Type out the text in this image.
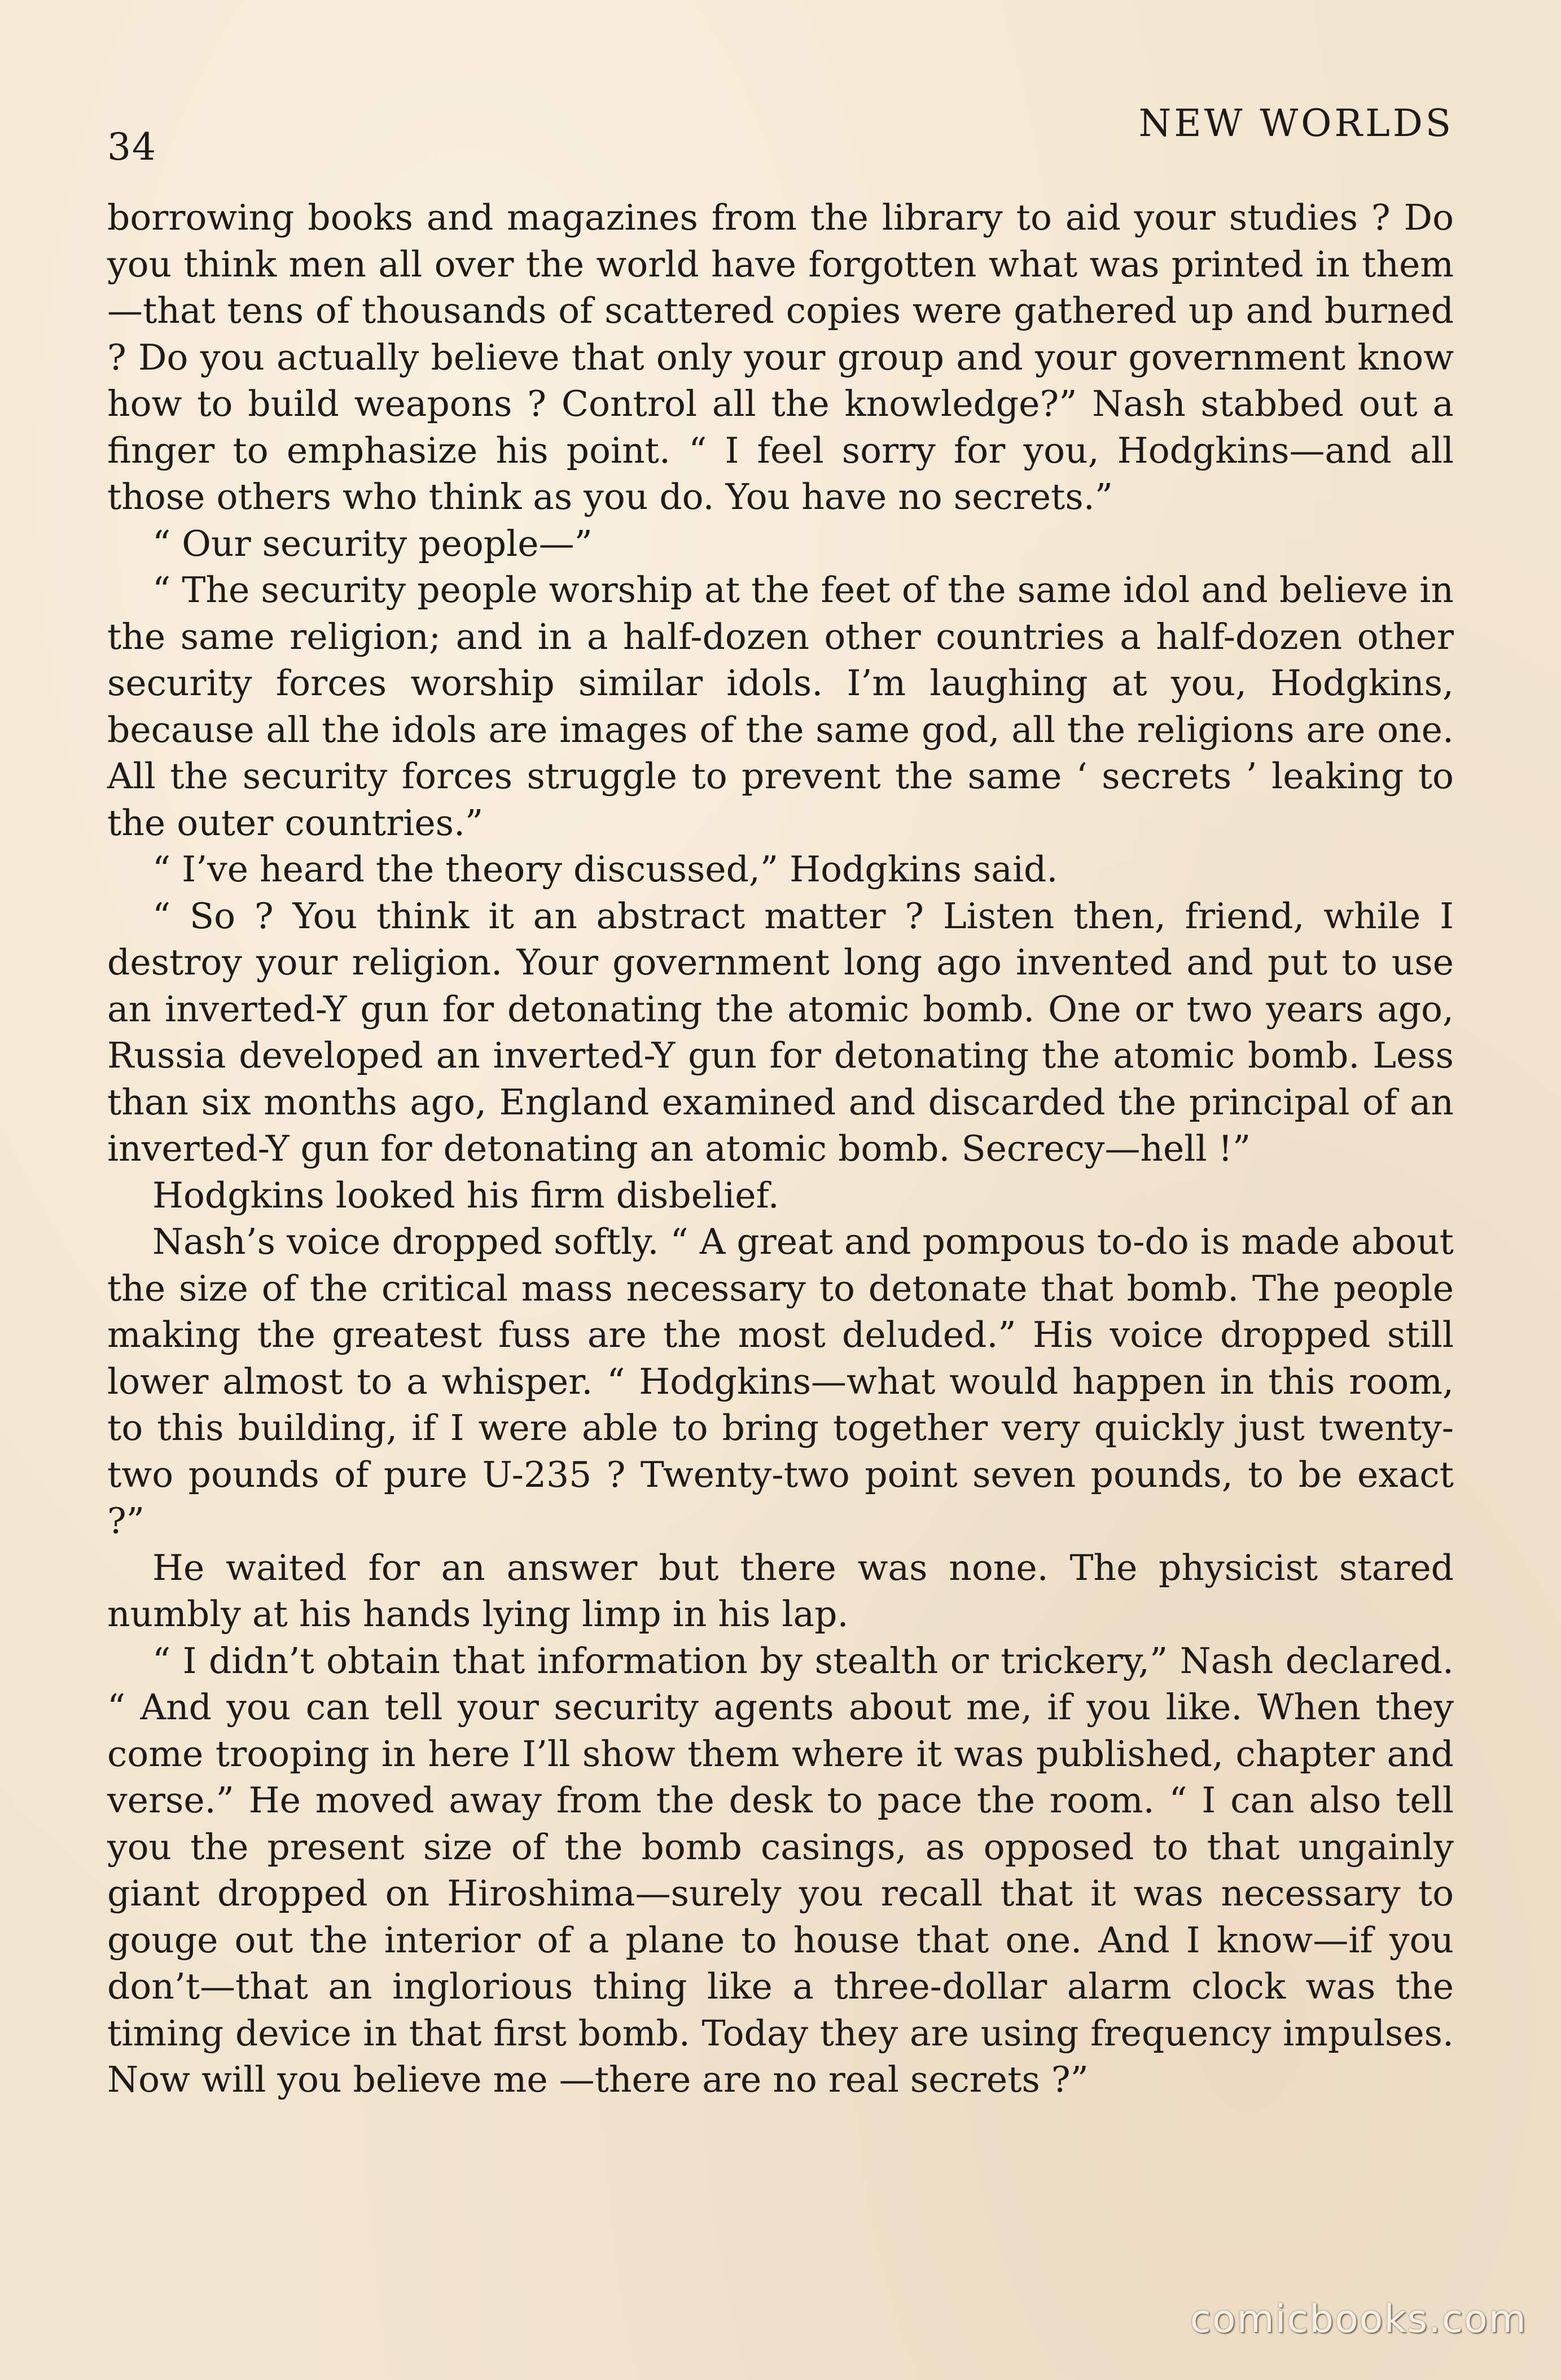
34

NEW WORLDS

borrowing books and magazines from the library to aid your studies ? Do you think men all over the world have forgotten what was printed in them—that tens of thousands of scattered copies were gathered up and burned ? Do you actually believe that only your group and your government know how to build weapons ? Control all the knowledge?” Nash stabbed out a finger to emphasize his point. “ I feel sorry for you, Hodgkins—and all those others who think as you do. You have no secrets.”

“ Our security people—”

“ The security people worship at the feet of the same idol and believe in the same religion; and in a half-dozen other countries a half-dozen other security forces worship similar idols. I’m laughing at you, Hodgkins, because all the idols are images of the same god, all the religions are one. All the security forces struggle to prevent the same ‘ secrets ’ leaking to the outer countries.”

“ I’ve heard the theory discussed,” Hodgkins said.

“ So ? You think it an abstract matter ? Listen then, friend, while I destroy your religion. Your government long ago invented and put to use an inverted-Y gun for detonating the atomic bomb. One or two years ago, Russia developed an inverted-Y gun for detonating the atomic bomb. Less than six months ago, England examined and discarded the principal of an inverted-Y gun for detonating an atomic bomb. Secrecy—hell !”

Hodgkins looked his firm disbelief.

Nash’s voice dropped softly. “ A great and pompous to-do is made about the size of the critical mass necessary to detonate that bomb. The people making the greatest fuss are the most deluded.” His voice dropped still lower almost to a whisper. “ Hodgkins—what would happen in this room, to this building, if I were able to bring together very quickly just twenty-two pounds of pure U-235 ? Twenty-two point seven pounds, to be exact ?”

He waited for an answer but there was none. The physicist stared numbly at his hands lying limp in his lap.

“ I didn’t obtain that information by stealth or trickery,” Nash declared. “ And you can tell your security agents about me, if you like. When they come trooping in here I’ll show them where it was published, chapter and verse.” He moved away from the desk to pace the room. “ I can also tell you the present size of the bomb casings, as opposed to that ungainly giant dropped on Hiroshima—surely you recall that it was necessary to gouge out the interior of a plane to house that one. And I know—if you don’t—that an inglorious thing like a three-dollar alarm clock was the timing device in that first bomb. Today they are using frequency impulses. Now will you believe me —there are no real secrets ?”

comicbooks.com
